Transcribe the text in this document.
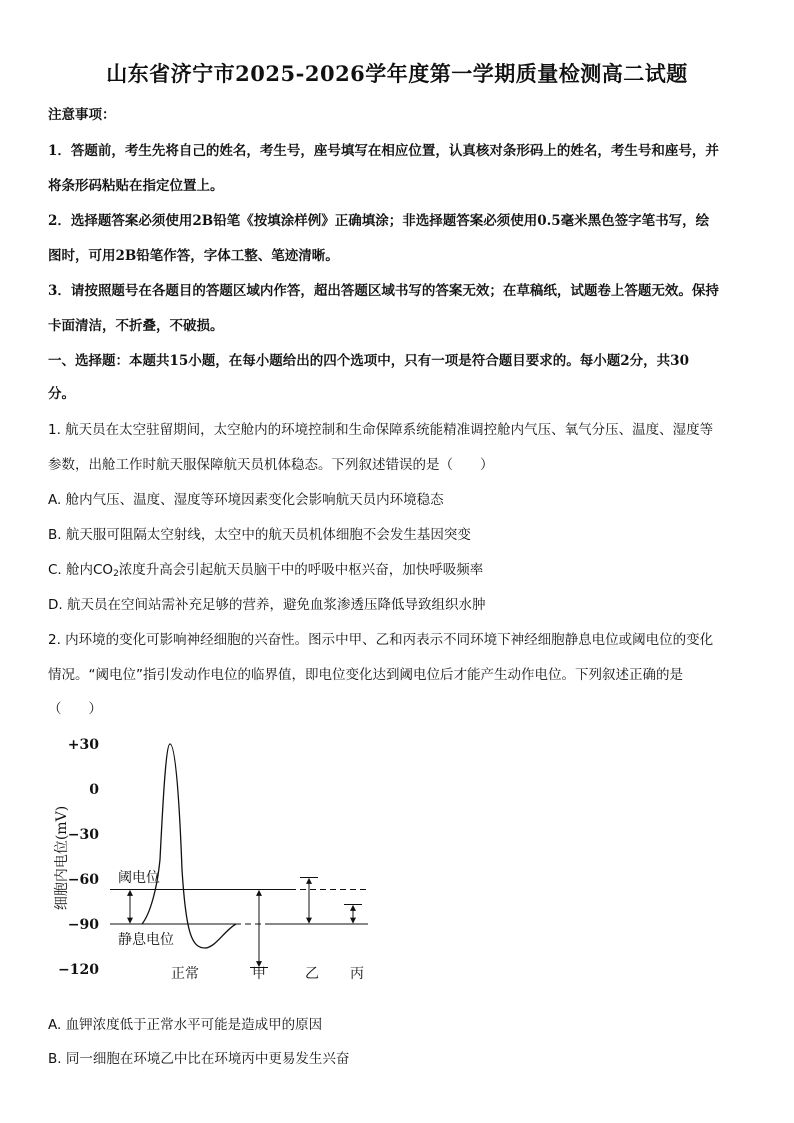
山东省济宁市2025-2026学年度第一学期质量检测高二试题
注意事项：
1．答题前，考生先将自己的姓名，考生号，座号填写在相应位置，认真核对条形码上的姓名，考生号和座号，并
将条形码粘贴在指定位置上。
2．选择题答案必须使用2B铅笔《按填涂样例》正确填涂；非选择题答案必须使用0.5毫米黑色签字笔书写，绘
图时，可用2B铅笔作答，字体工整、笔迹清晰。
3．请按照题号在各题目的答题区域内作答，超出答题区域书写的答案无效；在草稿纸，试题卷上答题无效。保持
卡面清洁，不折叠，不破损。
一、选择题：本题共15小题，在每小题给出的四个选项中，只有一项是符合题目要求的。每小题2分，共30
分。
1. 航天员在太空驻留期间，太空舱内的环境控制和生命保障系统能精准调控舱内气压、氧气分压、温度、湿度等
参数，出舱工作时航天服保障航天员机体稳态。下列叙述错误的是（　　）
A. 舱内气压、温度、湿度等环境因素变化会影响航天员内环境稳态
B. 航天服可阻隔太空射线，太空中的航天员机体细胞不会发生基因突变
C. 舱内$CO_2$浓度升高会引起航天员脑干中的呼吸中枢兴奋，加快呼吸频率
D. 航天员在空间站需补充足够的营养，避免血浆渗透压降低导致组织水肿
2. 内环境的变化可影响神经细胞的兴奋性。图示中甲、乙和丙表示不同环境下神经细胞静息电位或阈电位的变化
情况。“阈电位”指引发动作电位的临界值，即电位变化达到阈电位后才能产生动作电位。下列叙述正确的是
（　　）
+30
0
−30
−60
−90
−120
细胞内电位(mV)	阈电位
静息电位
正常	甲	乙 丙
A. 血钾浓度低于正常水平可能是造成甲的原因
B. 同一细胞在环境乙中比在环境丙中更易发生兴奋
